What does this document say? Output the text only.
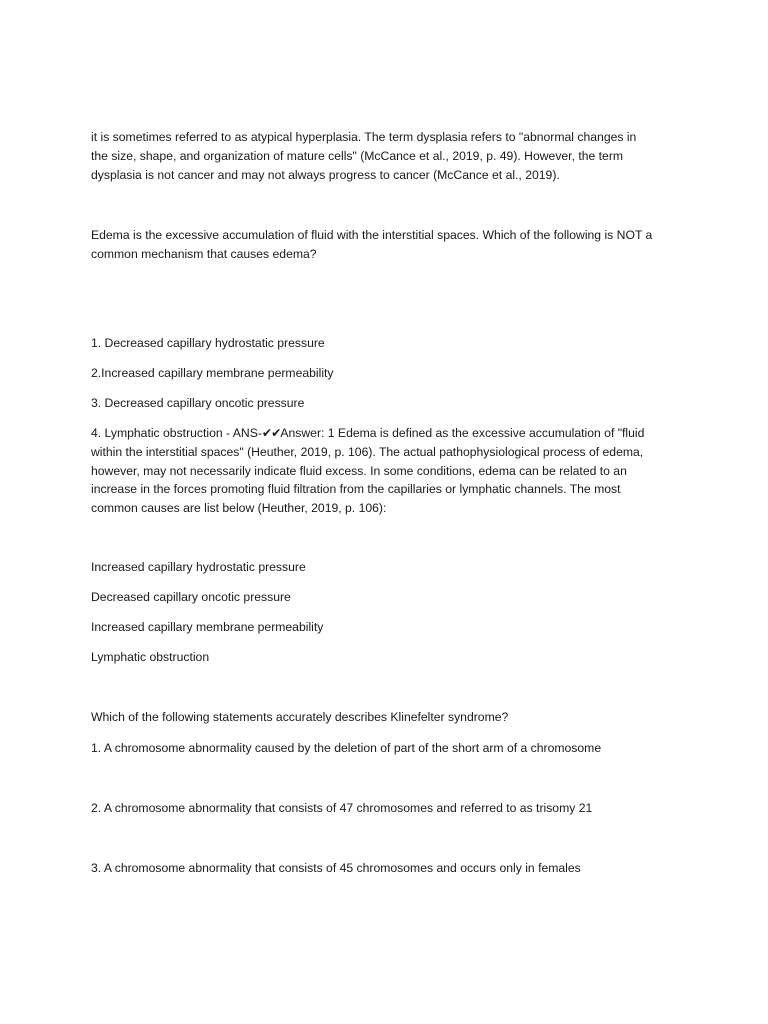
it is sometimes referred to as atypical hyperplasia. The term dysplasia refers to "abnormal changes in
the size, shape, and organization of mature cells" (McCance et al., 2019, p. 49). However, the term
dysplasia is not cancer and may not always progress to cancer (McCance et al., 2019).

Edema is the excessive accumulation of fluid with the interstitial spaces. Which of the following is NOT a
common mechanism that causes edema?

1. Decreased capillary hydrostatic pressure

2.Increased capillary membrane permeability

3. Decreased capillary oncotic pressure

4. Lymphatic obstruction - ANS-✔✔Answer: 1 Edema is defined as the excessive accumulation of "fluid
within the interstitial spaces" (Heuther, 2019, p. 106). The actual pathophysiological process of edema,
however, may not necessarily indicate fluid excess. In some conditions, edema can be related to an
increase in the forces promoting fluid filtration from the capillaries or lymphatic channels. The most
common causes are list below (Heuther, 2019, p. 106):

Increased capillary hydrostatic pressure

Decreased capillary oncotic pressure

Increased capillary membrane permeability

Lymphatic obstruction

Which of the following statements accurately describes Klinefelter syndrome?

1. A chromosome abnormality caused by the deletion of part of the short arm of a chromosome

2. A chromosome abnormality that consists of 47 chromosomes and referred to as trisomy 21

3. A chromosome abnormality that consists of 45 chromosomes and occurs only in females
